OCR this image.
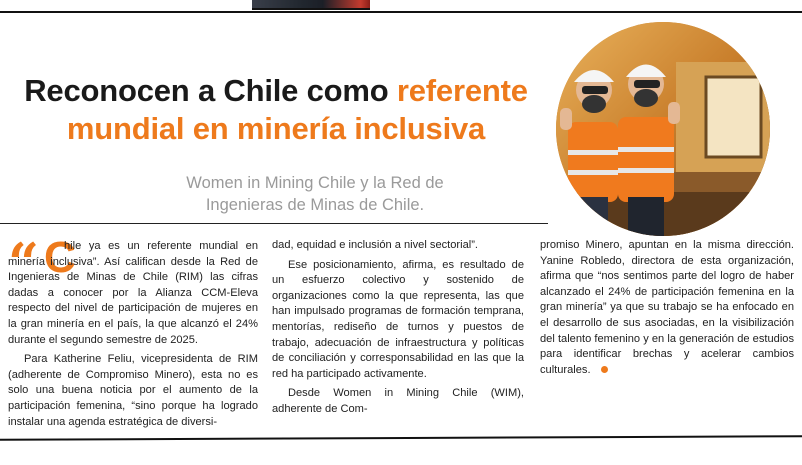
Reconocen a Chile como referente
mundial en minería inclusiva
Women in Mining Chile y la Red de Ingenieras de Minas de Chile.
“ C

hile ya es un referente mundial en minería inclusiva”. Así califican desde la Red de Ingenieras de Minas de Chile (RIM) las cifras dadas a conocer por la Alianza CCM-Eleva respecto del nivel de participación de mujeres en la gran minería en el país, la que alcanzó el 24% durante el segundo semestre de 2025.

Para Katherine Feliu, vicepresidenta de RIM (adherente de Compromiso Minero), esta no es solo una buena noticia por el aumento de la participación femenina, “sino porque ha logrado instalar una agenda estratégica de diversi-

dad, equidad e inclusión a nivel sectorial”.

Ese posicionamiento, afirma, es resultado de un esfuerzo colectivo y sostenido de organizaciones como la que representa, las que han impulsado programas de formación temprana, mentorías, rediseño de turnos y puestos de trabajo, adecuación de infraestructura y políticas de conciliación y corresponsabilidad en las que la red ha participado activamente.

Desde Women in Mining Chile (WIM), adherente de Com-

promiso Minero, apuntan en la misma dirección. Yanine Robledo, directora de esta organización, afirma que “nos sentimos parte del logro de haber alcanzado el 24% de participación femenina en la gran minería” ya que su trabajo se ha enfocado en el desarrollo de sus asociadas, en la visibilización del talento femenino y en la generación de estudios para identificar brechas y acelerar cambios culturales.
